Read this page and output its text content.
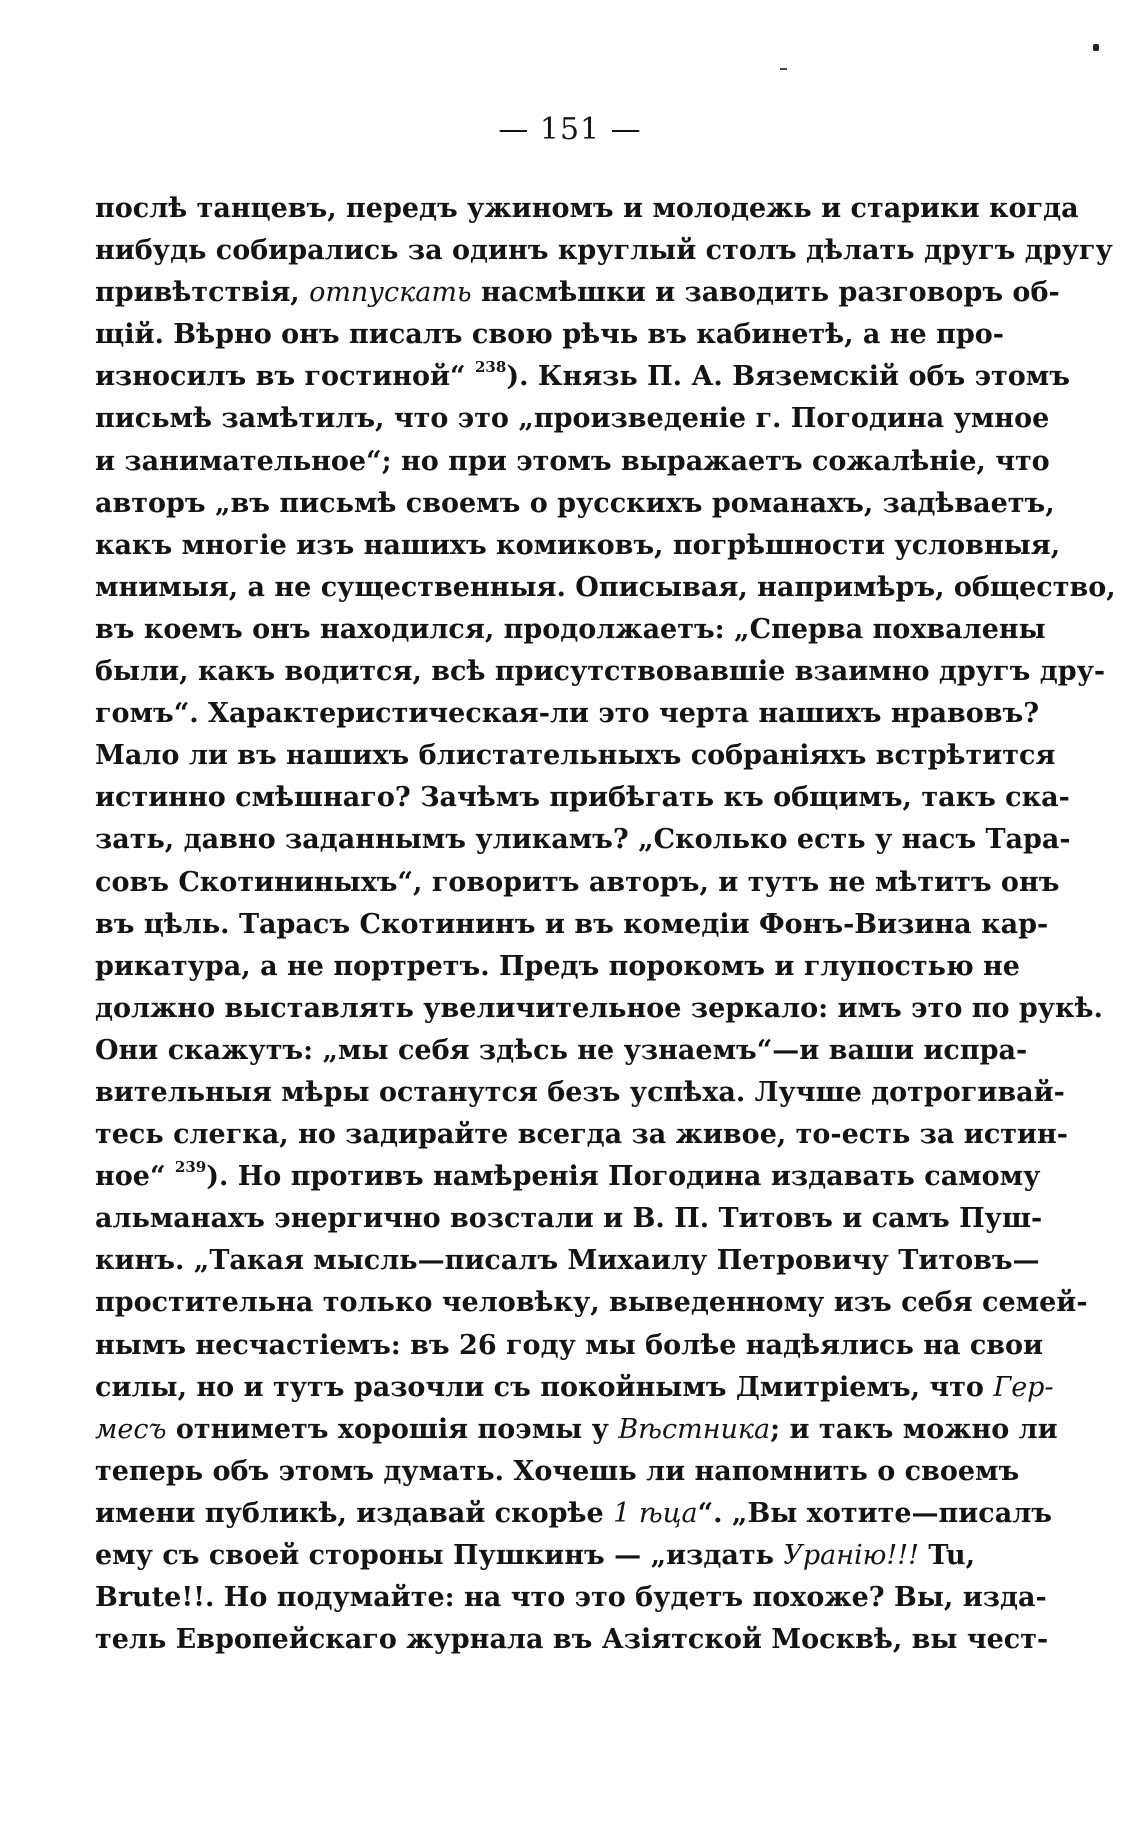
— 151 —
послѣ танцевъ, передъ ужиномъ и молодежь и старики когда
нибудь собирались за одинъ круглый столъ дѣлать другъ другу
привѣтствія, отпускать насмѣшки и заводить разговоръ об-
щій. Вѣрно онъ писалъ свою рѣчь въ кабинетѣ, а не про-
износилъ въ гостиной“ $^{238}$). Князь П. А. Вяземскій объ этомъ
письмѣ замѣтилъ, что это „произведеніе г. Погодина умное
и занимательное“; но при этомъ выражаетъ сожалѣніе, что
авторъ „въ письмѣ своемъ о русскихъ романахъ, задѣваетъ,
какъ многіе изъ нашихъ комиковъ, погрѣшности условныя,
мнимыя, а не существенныя. Описывая, напримѣръ, общество,
въ коемъ онъ находился, продолжаетъ: „Сперва похвалены
были, какъ водится, всѣ присутствовавшіе взаимно другъ дру-
гомъ“. Характеристическая-ли это черта нашихъ нравовъ?
Мало ли въ нашихъ блистательныхъ собраніяхъ встрѣтится
истинно смѣшнаго? Зачѣмъ прибѣгать къ общимъ, такъ ска-
зать, давно заданнымъ уликамъ? „Сколько есть у насъ Тара-
совъ Скотининыхъ“, говоритъ авторъ, и тутъ не мѣтитъ онъ
въ цѣль. Тарасъ Скотининъ и въ комедіи Фонъ-Визина кар-
рикатура, а не портретъ. Предъ порокомъ и глупостью не
должно выставлять увеличительное зеркало: имъ это по рукѣ.
Они скажутъ: „мы себя здѣсь не узнаемъ“—и ваши испра-
вительныя мѣры останутся безъ успѣха. Лучше дотрогивай-
тесь слегка, но задирайте всегда за живое, то-есть за истин-
ное“ $^{239}$). Но противъ намѣренія Погодина издавать самому
альманахъ энергично возстали и В. П. Титовъ и самъ Пуш-
кинъ. „Такая мысль—писалъ Михаилу Петровичу Титовъ—
простительна только человѣку, выведенному изъ себя семей-
нымъ несчастіемъ: въ 26 году мы болѣе надѣялись на свои
силы, но и тутъ разочли съ покойнымъ Дмитріемъ, что Гер-
месъ отниметъ хорошія поэмы у Вѣстника; и такъ можно ли
теперь объ этомъ думать. Хочешь ли напомнить о своемъ
имени публикѣ, издавай скорѣе 1 ѣца“. „Вы хотите—писалъ
ему съ своей стороны Пушкинъ — „издать Уранію!!! Tu,
Brute!!. Но подумайте: на что это будетъ похоже? Вы, изда-
тель Европейскаго журнала въ Азіятской Москвѣ, вы чест-
